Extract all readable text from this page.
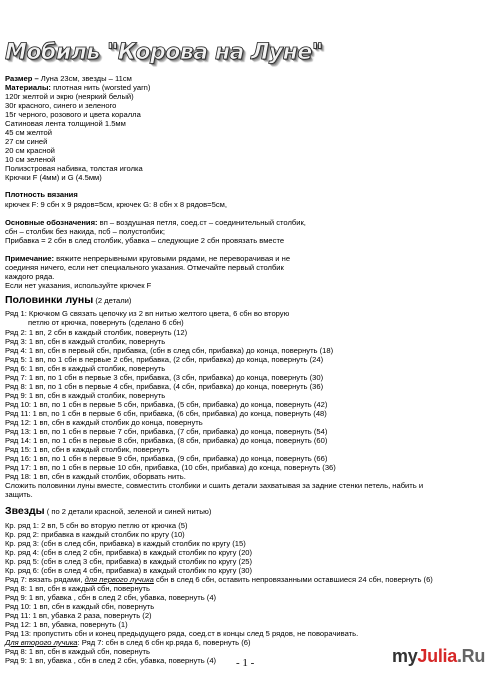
Мобиль "Корова на Луне"
Размер – Луна 23см, звезды – 11см
Материалы: плотная нить (worsted yarn)
120г желтой и экрю (неяркий белый)
30г красного, синего и зеленого
15г черного, розового и цвета коралла
Сатиновая лента толщиной 1.5мм
45 см желтой
27 см синей
20 см красной
10 см зеленой
Полиэстровая набивка, толстая иголка
Крючки F (4мм) и G (4.5мм)
Плотность вязания
крючек F: 9 сбн х 9 рядов=5см, крючек G: 8 сбн х 8 рядов=5см,
Основные обозначения: вп – воздушная петля, соед.ст – соединительный столбик,
сбн – столбик без накида, псб – полустолбик;
Прибавка = 2 сбн в след столбик, убавка – следующие 2 сбн провязать вместе
Примечание: вяжите непрерывными круговыми рядами, не переворачивая и не
соединяя ничего, если нет специального указания. Отмечайте первый столбик
каждого ряда.
Если нет указания, используйте крючек F
Половинки луны (2 детали)
Ряд 1: Крючком G связать цепочку из 2 вп нитью желтого цвета, 6 сбн во вторую
петлю от крючка, повернуть (сделано 6 сбн)
Ряд 2: 1 вп, 2 сбн в каждый столбик, повернуть (12)
Ряд 3: 1 вп, сбн в каждый столбик, повернуть
Ряд 4: 1 вп, сбн в первый сбн, прибавка, (сбн в след сбн, прибавка) до конца, повернуть (18)
Ряд 5: 1 вп, по 1 сбн в первые 2 сбн, прибавка, (2 сбн, прибавка) до конца, повернуть (24)
Ряд 6: 1 вп, сбн в каждый столбик, повернуть
Ряд 7: 1 вп, по 1 сбн в первые 3 сбн, прибавка, (3 сбн, прибавка) до конца, повернуть (30)
Ряд 8: 1 вп, по 1 сбн в первые 4 сбн, прибавка, (4 сбн, прибавка) до конца, повернуть (36)
Ряд 9: 1 вп, сбн в каждый столбик, повернуть
Ряд 10: 1 вп, по 1 сбн в первые 5 сбн, прибавка, (5 сбн, прибавка) до конца, повернуть (42)
Ряд 11: 1 вп, по 1 сбн в первые 6 сбн, прибавка, (6 сбн, прибавка) до конца, повернуть (48)
Ряд 12: 1 вп, сбн в каждый столбик до конца, повернуть
Ряд 13: 1 вп, по 1 сбн в первые 7 сбн, прибавка, (7 сбн, прибавка) до конца, повернуть (54)
Ряд 14: 1 вп, по 1 сбн в первые 8 сбн, прибавка, (8 сбн, прибавка) до конца, повернуть (60)
Ряд 15: 1 вп, сбн в каждый столбик, повернуть
Ряд 16: 1 вп, по 1 сбн в первые 9 сбн, прибавка, (9 сбн, прибавка) до конца, повернуть (66)
Ряд 17: 1 вп, по 1 сбн в первые 10 сбн, прибавка, (10 сбн, прибавка) до конца, повернуть (36)
Ряд 18: 1 вп, сбн в каждый столбик, оборвать нить.
Сложить половинки луны вместе, совместить столбики и сшить детали захватывая за задние стенки петель, набить и
защить.
Звезды ( по 2 детали красной, зеленой и синей нитью)
Кр. ряд 1: 2 вп, 5 сбн во вторую петлю от крючка (5)
Кр. ряд 2: прибавка в каждый столбик по кругу (10)
Кр. ряд 3: (сбн в след сбн, прибавка) в каждый столбик по кругу (15)
Кр. ряд 4: (сбн в след 2 сбн, прибавка) в каждый столбик по кругу (20)
Кр. ряд 5: (сбн в след 3 сбн, прибавка) в каждый столбик по кругу (25)
Кр. ряд 6: (сбн в след 4 сбн, прибавка) в каждый столбик по кругу (30)
Ряд 7: вязать рядами, для первого лучика сбн в след 6 сбн, оставить непровязанными оставшиеся 24 сбн, повернуть (6)
Ряд 8: 1 вп, сбн в каждый сбн, повернуть
Ряд 9: 1 вп, убавка , сбн в след 2 сбн, убавка, повернуть (4)
Ряд 10: 1 вп, сбн в каждый сбн, повернуть
Ряд 11: 1 вп, убавка 2 раза, повернуть (2)
Ряд 12: 1 вп, убавка, повернуть (1)
Ряд 13: пропустить сбн и конец предыдущего ряда, соед.ст в концы след 5 рядов, не поворачивать.
Для второго лучика: Ряд 7: сбн в след 6 сбн кр.ряда 6, повернуть (6)
Ряд 8: 1 вп, сбн в каждый сбн, повернуть
Ряд 9: 1 вп, убавка , сбн в след 2 сбн, убавка, повернуть (4) - 1 -	myJulia.Ru
